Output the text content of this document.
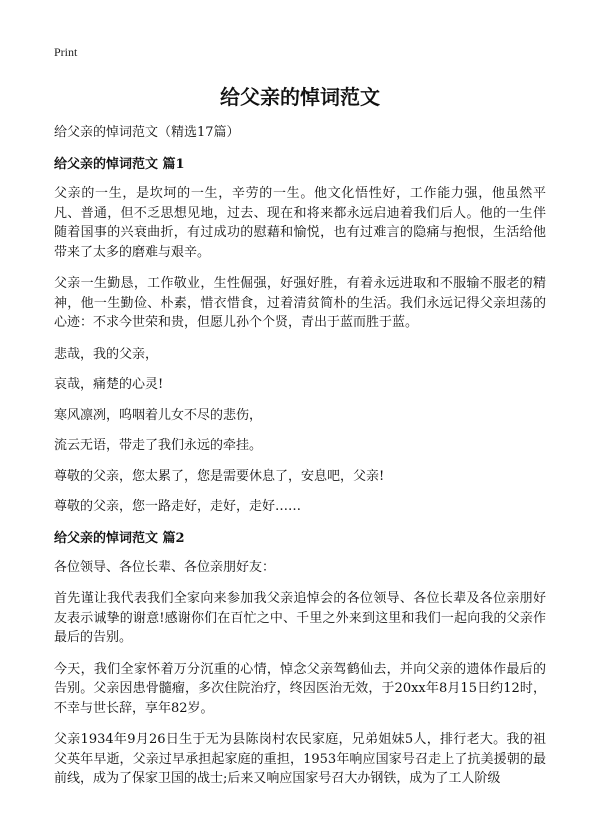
Print
给父亲的悼词范文
给父亲的悼词范文（精选17篇）
给父亲的悼词范文 篇1

父亲的一生，是坎坷的一生，辛劳的一生。他文化悟性好，工作能力强，他虽然平凡、普通，但不乏思想见地，过去、现在和将来都永远启迪着我们后人。他的一生伴随着国事的兴衰曲折，有过成功的慰藉和愉悦，也有过难言的隐痛与抱恨，生活给他带来了太多的磨难与艰辛。

父亲一生勤恳，工作敬业，生性倔强，好强好胜，有着永远进取和不服输不服老的精神，他一生勤俭、朴素，惜衣惜食，过着清贫简朴的生活。我们永远记得父亲坦荡的心迹：不求今世荣和贵，但愿儿孙个个贤，青出于蓝而胜于蓝。

悲哉，我的父亲，

哀哉，痛楚的心灵!

寒风凛冽，呜咽着儿女不尽的悲伤，

流云无语，带走了我们永远的牵挂。

尊敬的父亲，您太累了，您是需要休息了，安息吧，父亲!

尊敬的父亲，您一路走好，走好，走好……

给父亲的悼词范文 篇2

各位领导、各位长辈、各位亲朋好友：

首先谨让我代表我们全家向来参加我父亲追悼会的各位领导、各位长辈及各位亲朋好友表示诚挚的谢意!感谢你们在百忙之中、千里之外来到这里和我们一起向我的父亲作最后的告别。

今天，我们全家怀着万分沉重的心情，悼念父亲驾鹤仙去，并向父亲的遗体作最后的告别。父亲因患骨髓瘤，多次住院治疗，终因医治无效，于20xx年8月15日约12时，不幸与世长辞，享年82岁。

父亲1934年9月26日生于无为县陈岗村农民家庭，兄弟姐妹5人，排行老大。我的祖父英年早逝，父亲过早承担起家庭的重担，1953年响应国家号召走上了抗美援朝的最前线，成为了保家卫国的战士;后来又响应国家号召大办钢铁，成为了工人阶级
